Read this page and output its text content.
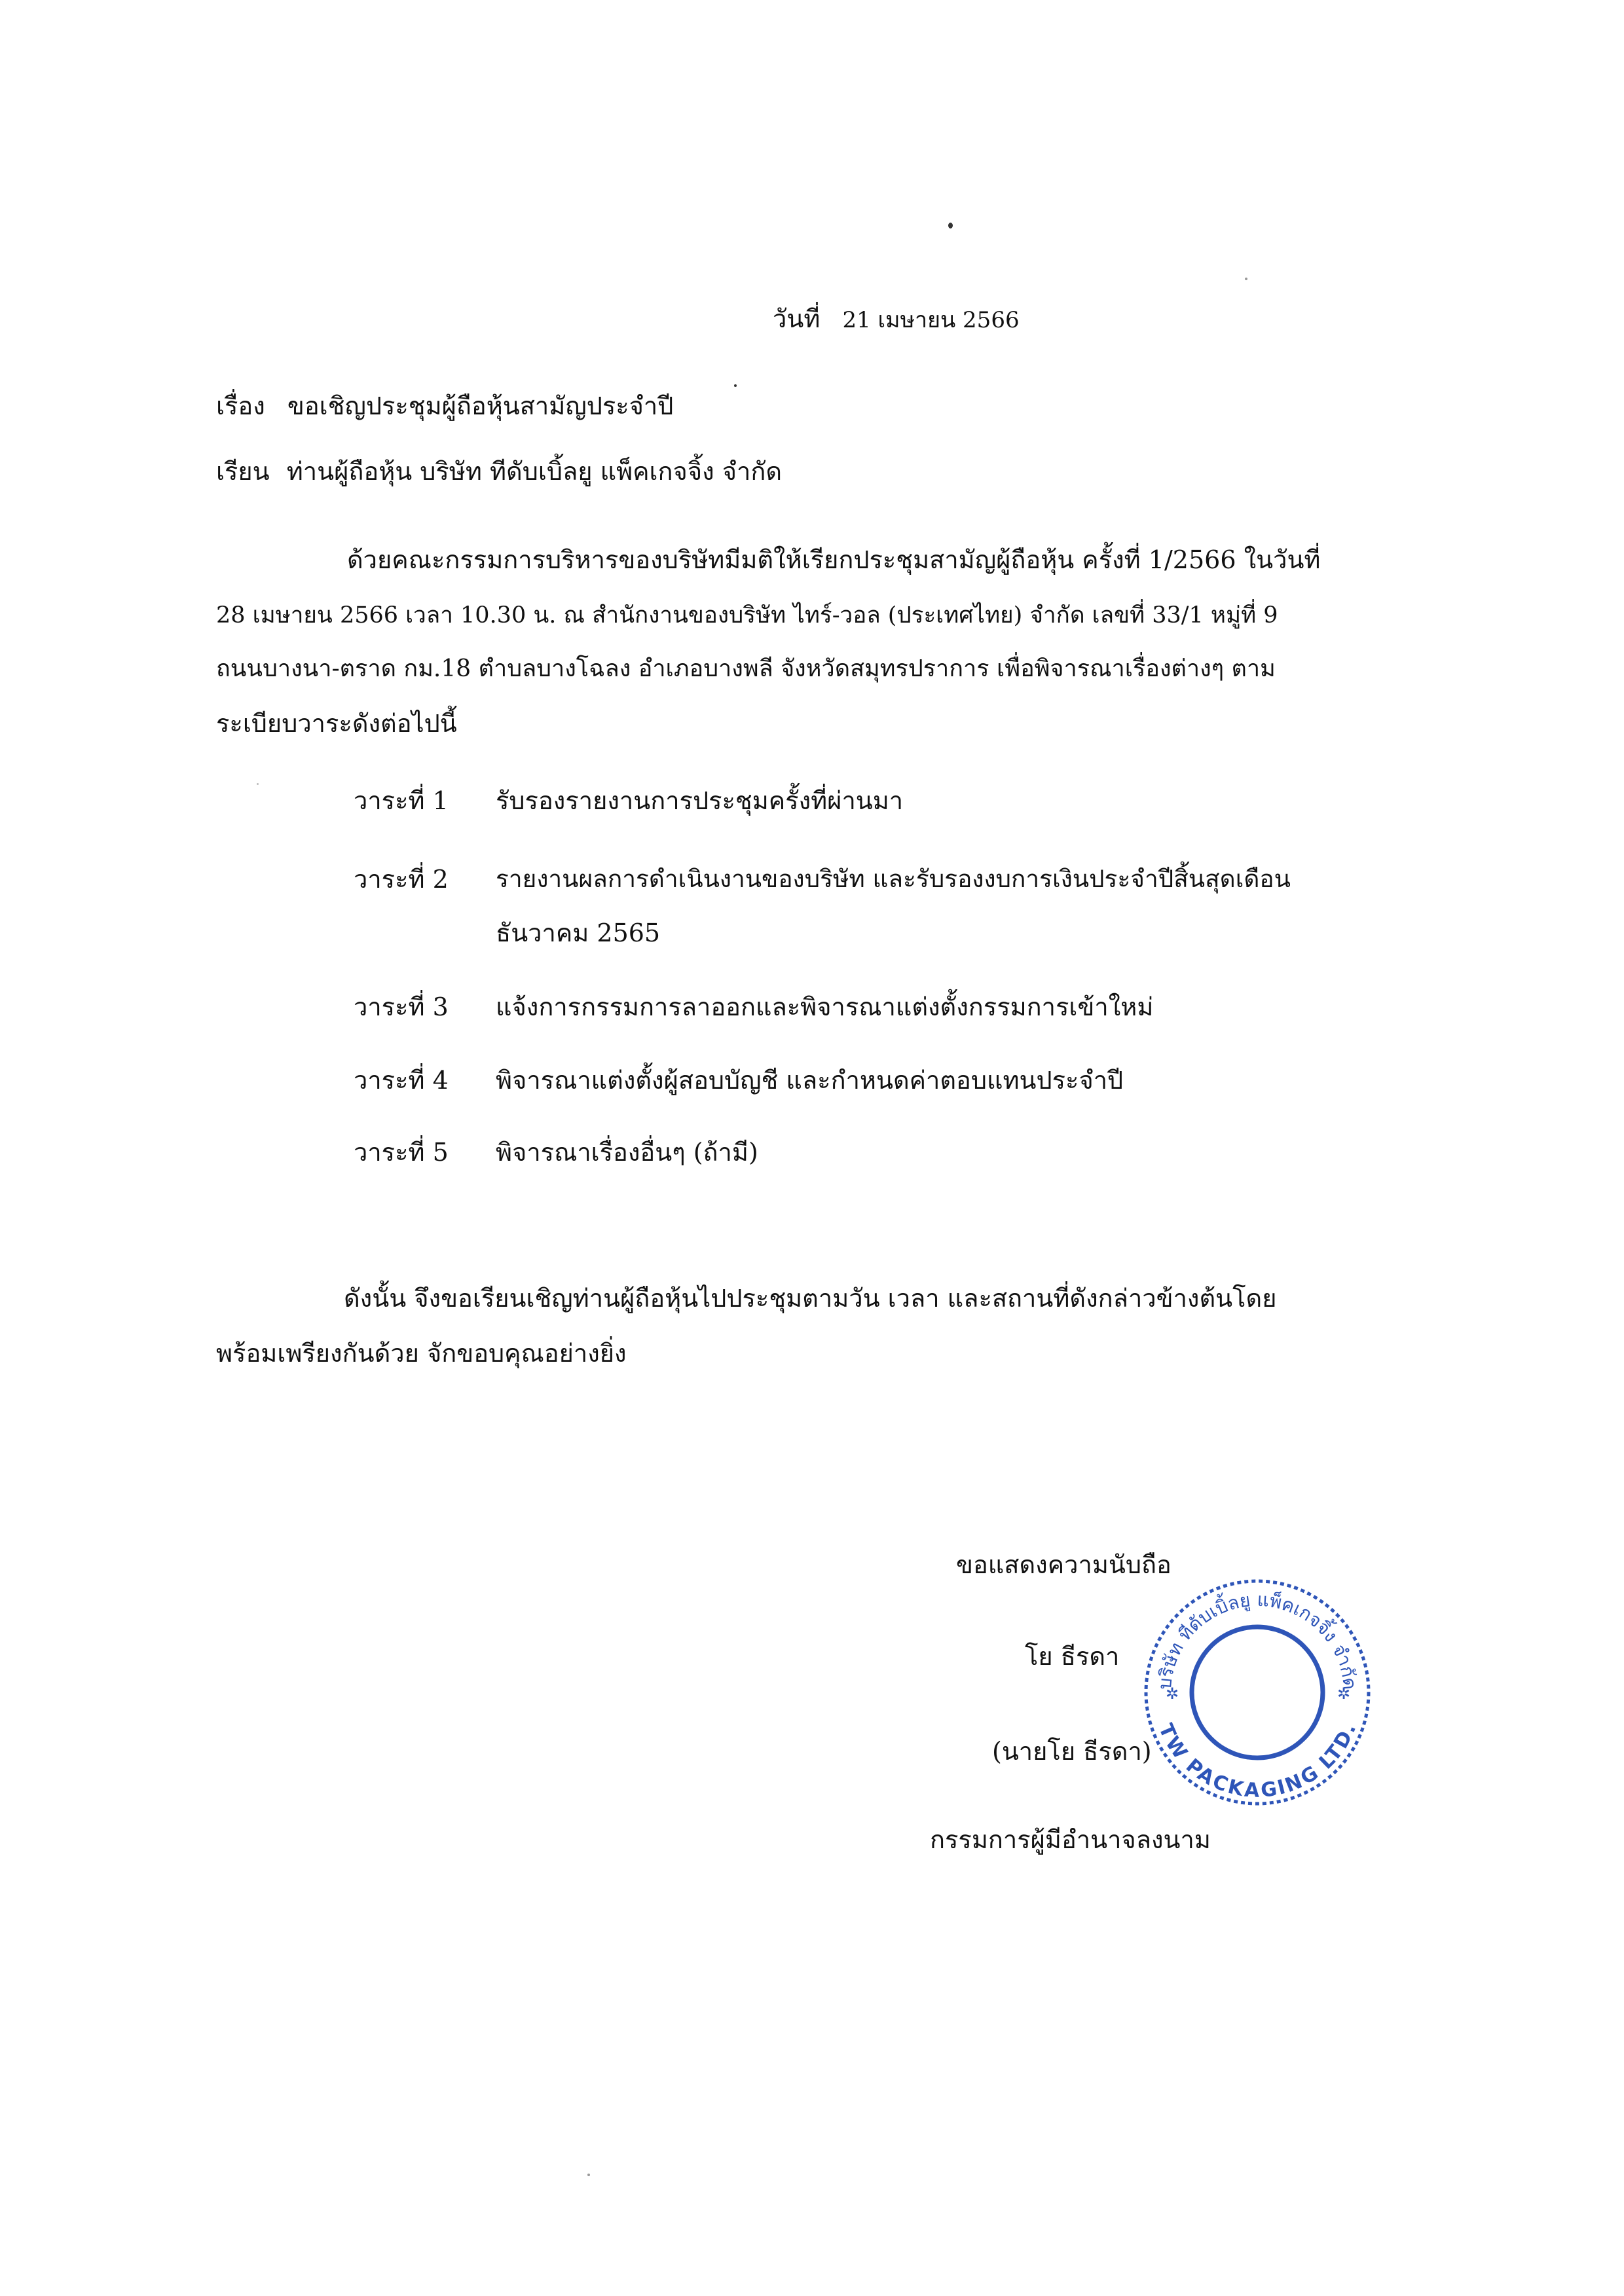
วันที่ 21 เมษายน 2566
เรื่อง ขอเชิญประชุมผู้ถือหุ้นสามัญประจำปี
เรียน ท่านผู้ถือหุ้น บริษัท ทีดับเบิ้ลยู แพ็คเกจจิ้ง จำกัด
ด้วยคณะกรรมการบริหารของบริษัทมีมติให้เรียกประชุมสามัญผู้ถือหุ้น ครั้งที่ 1/2566 ในวันที่
28 เมษายน 2566 เวลา 10.30 น. ณ สำนักงานของบริษัท ไทร์-วอล (ประเทศไทย) จำกัด เลขที่ 33/1 หมู่ที่ 9
ถนนบางนา-ตราด กม.18 ตำบลบางโฉลง อำเภอบางพลี จังหวัดสมุทรปราการ เพื่อพิจารณาเรื่องต่างๆ ตาม
ระเบียบวาระดังต่อไปนี้
วาระที่ 1 รับรองรายงานการประชุมครั้งที่ผ่านมา
วาระที่ 2 รายงานผลการดำเนินงานของบริษัท และรับรองงบการเงินประจำปีสิ้นสุดเดือน
ธันวาคม 2565
วาระที่ 3 แจ้งการกรรมการลาออกและพิจารณาแต่งตั้งกรรมการเข้าใหม่
วาระที่ 4 พิจารณาแต่งตั้งผู้สอบบัญชี และกำหนดค่าตอบแทนประจำปี
วาระที่ 5 พิจารณาเรื่องอื่นๆ (ถ้ามี)
ดังนั้น จึงขอเรียนเชิญท่านผู้ถือหุ้นไปประชุมตามวัน เวลา และสถานที่ดังกล่าวข้างต้นโดย
พร้อมเพรียงกันด้วย จักขอบคุณอย่างยิ่ง
ขอแสดงความนับถือ
โย ธีรดา
(นายโย ธีรดา)
กรรมการผู้มีอำนาจลงนาม
บริษัท ทีดับเบิ้ลยู แพ็คเกจจิ้ง จำกัด
TW PACKAGING LTD.
✲	✲
